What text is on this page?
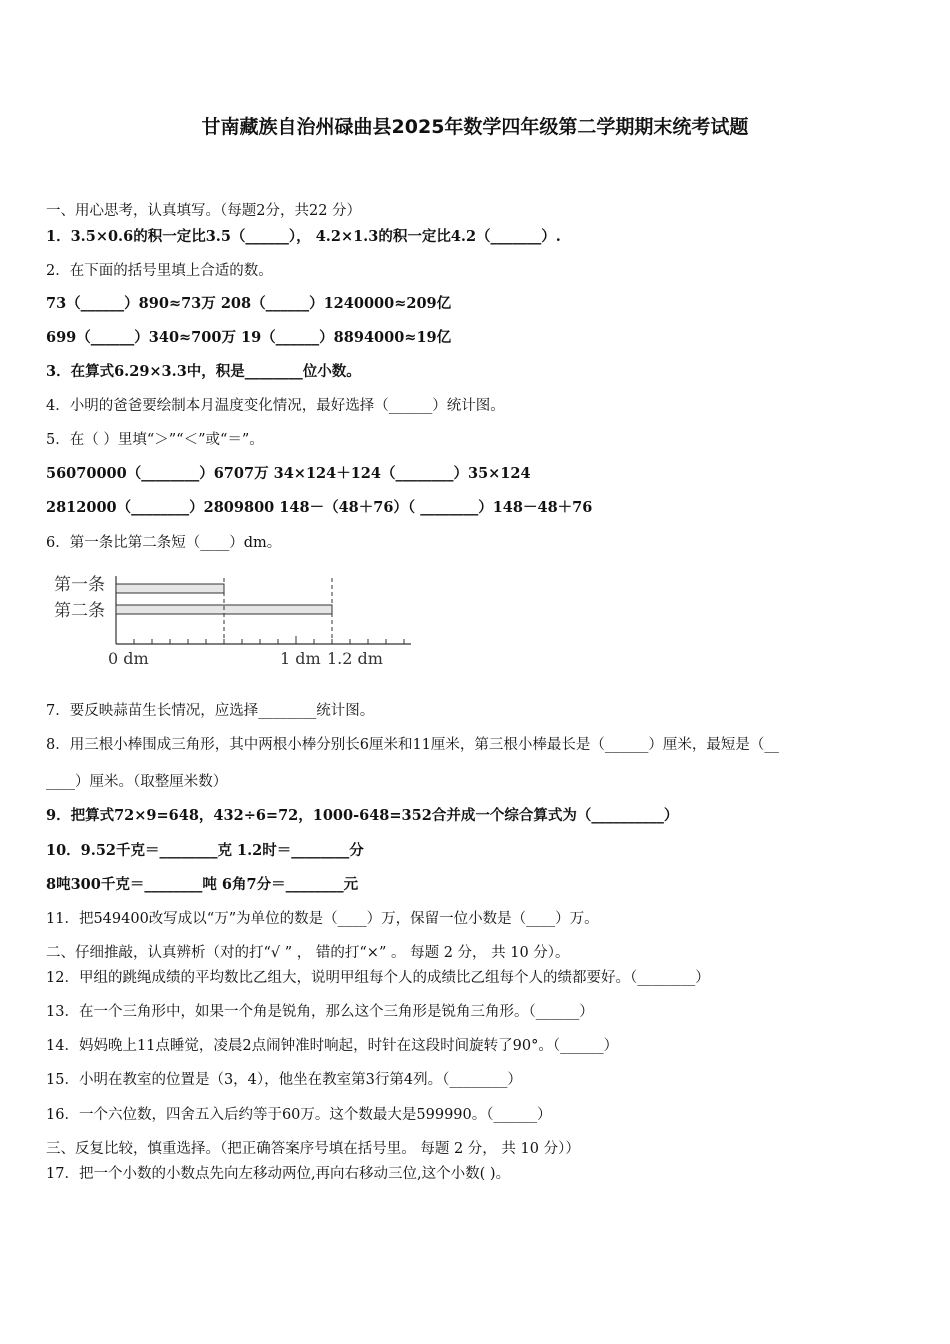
甘南藏族自治州碌曲县2025年数学四年级第二学期期末统考试题
一、用心思考，认真填写。（每题2分，共22 分）
1．3.5×0.6的积一定比3.5（______）， 4.2×1.3的积一定比4.2（_______）.
2．在下面的括号里填上合适的数。
73（______）890≈73万 208（______）1240000≈209亿
699（______）340≈700万 19（______）8894000≈19亿
3．在算式6.29×3.3中，积是________位小数。
4．小明的爸爸要绘制本月温度变化情况，最好选择（______）统计图。
5．在（ ）里填“＞”“＜”或“＝”。
56070000（________）6707万 34×124＋124（________）35×124
2812000（________）2809800 148－（48＋76）（ ________）148－48＋76
6．第一条比第二条短（____）dm。
第一条
第二条
0 dm	1 dm 1.2 dm
7．要反映蒜苗生长情况，应选择________统计图。
8．用三根小棒围成三角形，其中两根小棒分别长6厘米和11厘米，第三根小棒最长是（______）厘米，最短是（__
____）厘米。（取整厘米数）
9．把算式72×9=648，432÷6=72，1000-648=352合并成一个综合算式为（__________）
10．9.52千克＝________克 1.2时＝________分
8吨300千克＝________吨 6角7分＝________元
11．把549400改写成以“万”为单位的数是（____）万，保留一位小数是（____）万。
二、仔细推敲，认真辨析（对的打“√ ” ， 错的打“×” 。 每题 2 分， 共 10 分）。
12．甲组的跳绳成绩的平均数比乙组大，说明甲组每个人的成绩比乙组每个人的绩都要好。（________）
13．在一个三角形中，如果一个角是锐角，那么这个三角形是锐角三角形。（______）
14．妈妈晚上11点睡觉，凌晨2点闹钟准时响起，时针在这段时间旋转了90°。（______）
15．小明在教室的位置是（3，4），他坐在教室第3行第4列。（________）
16．一个六位数，四舍五入后约等于60万。这个数最大是599990。（______）
三、反复比较，慎重选择。（把正确答案序号填在括号里。 每题 2 分， 共 10 分））
17．把一个小数的小数点先向左移动两位,再向右移动三位,这个小数( )。
